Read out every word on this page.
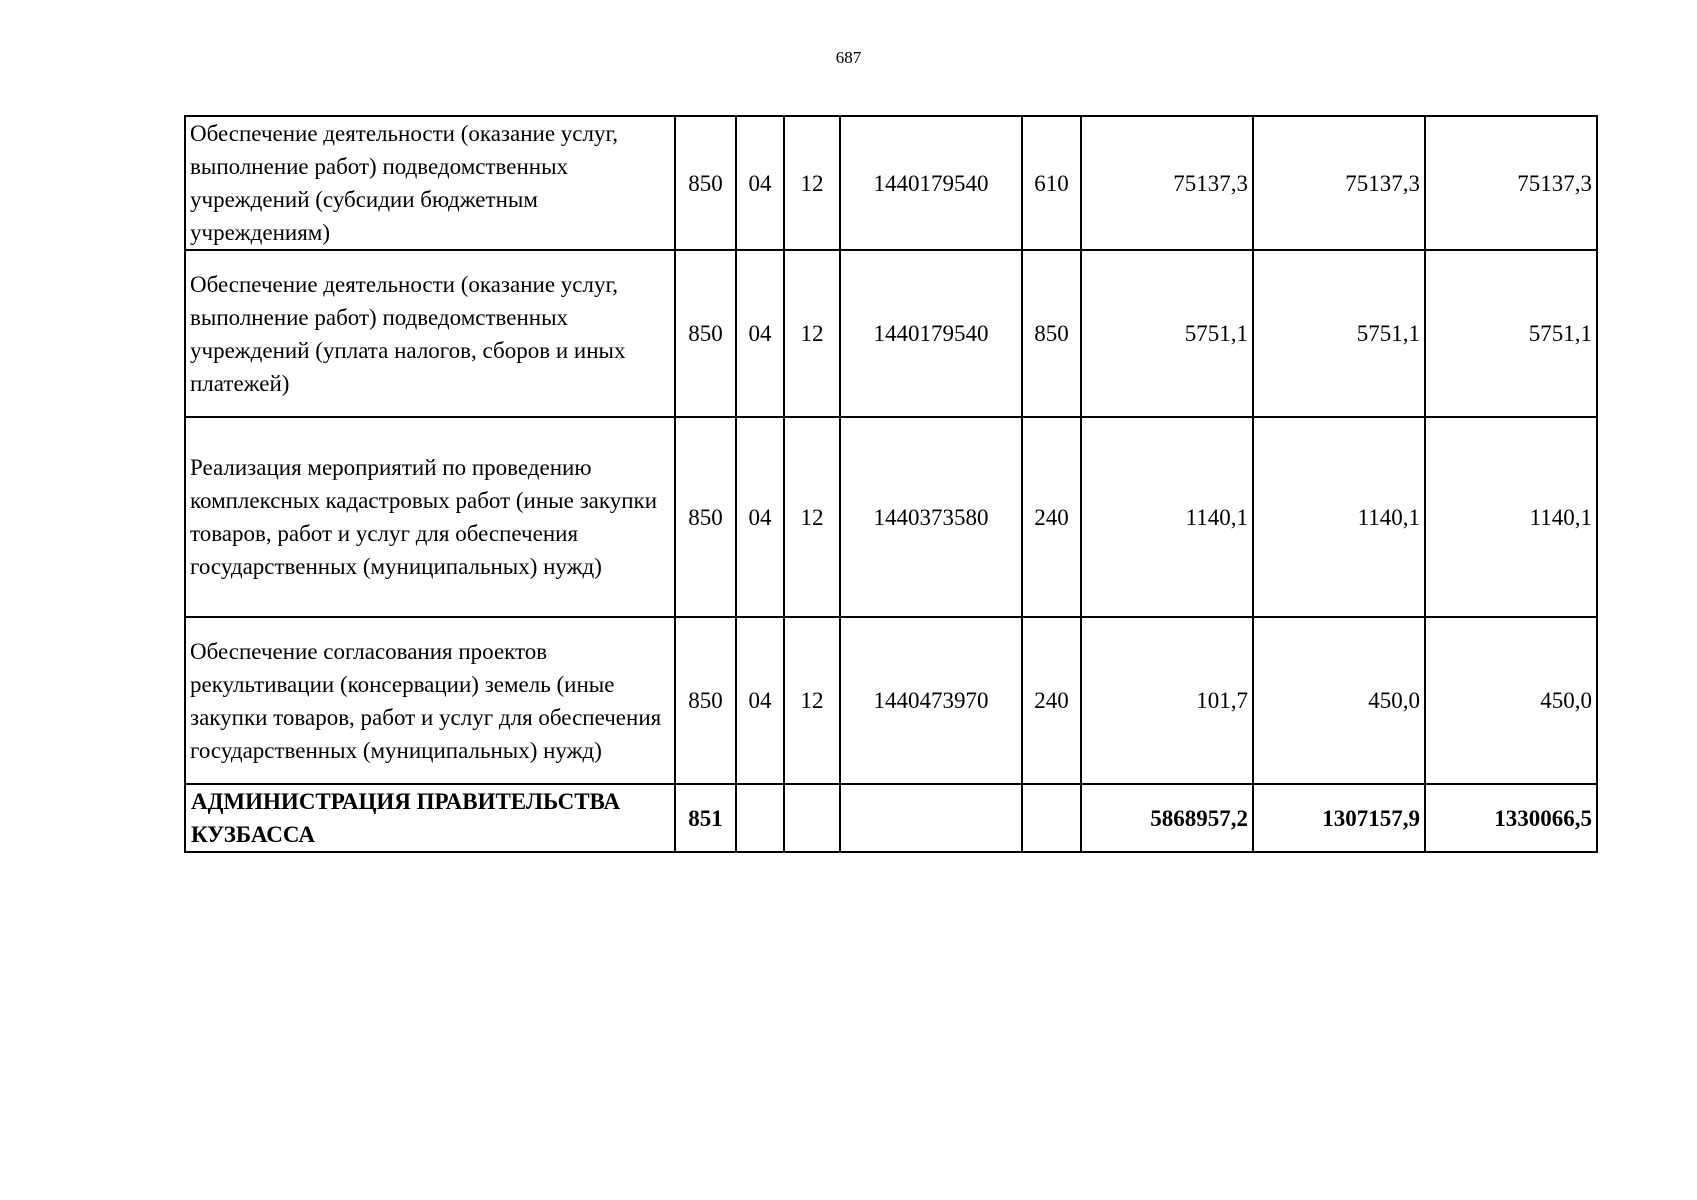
687
Обеспечение деятельности (оказание услуг, выполнение работ) подведомственных учреждений (субсидии бюджетным учреждениям)	850	04	12	1440179540	610	75137,3	75137,3	75137,3
Обеспечение деятельности (оказание услуг, выполнение работ) подведомственных учреждений (уплата налогов, сборов и иных платежей)	850	04	12	1440179540	850	5751,1	5751,1	5751,1
Реализация мероприятий по проведению комплексных кадастровых работ (иные закупки товаров, работ и услуг для обеспечения государственных (муниципальных) нужд)	850	04	12	1440373580	240	1140,1	1140,1	1140,1
Обеспечение согласования проектов рекультивации (консервации) земель (иные закупки товаров, работ и услуг для обеспечения государственных (муниципальных) нужд)	850	04	12	1440473970	240	101,7	450,0	450,0
АДМИНИСТРАЦИЯ ПРАВИТЕЛЬСТВА КУЗБАССА	851					5868957,2	1307157,9	1330066,5
